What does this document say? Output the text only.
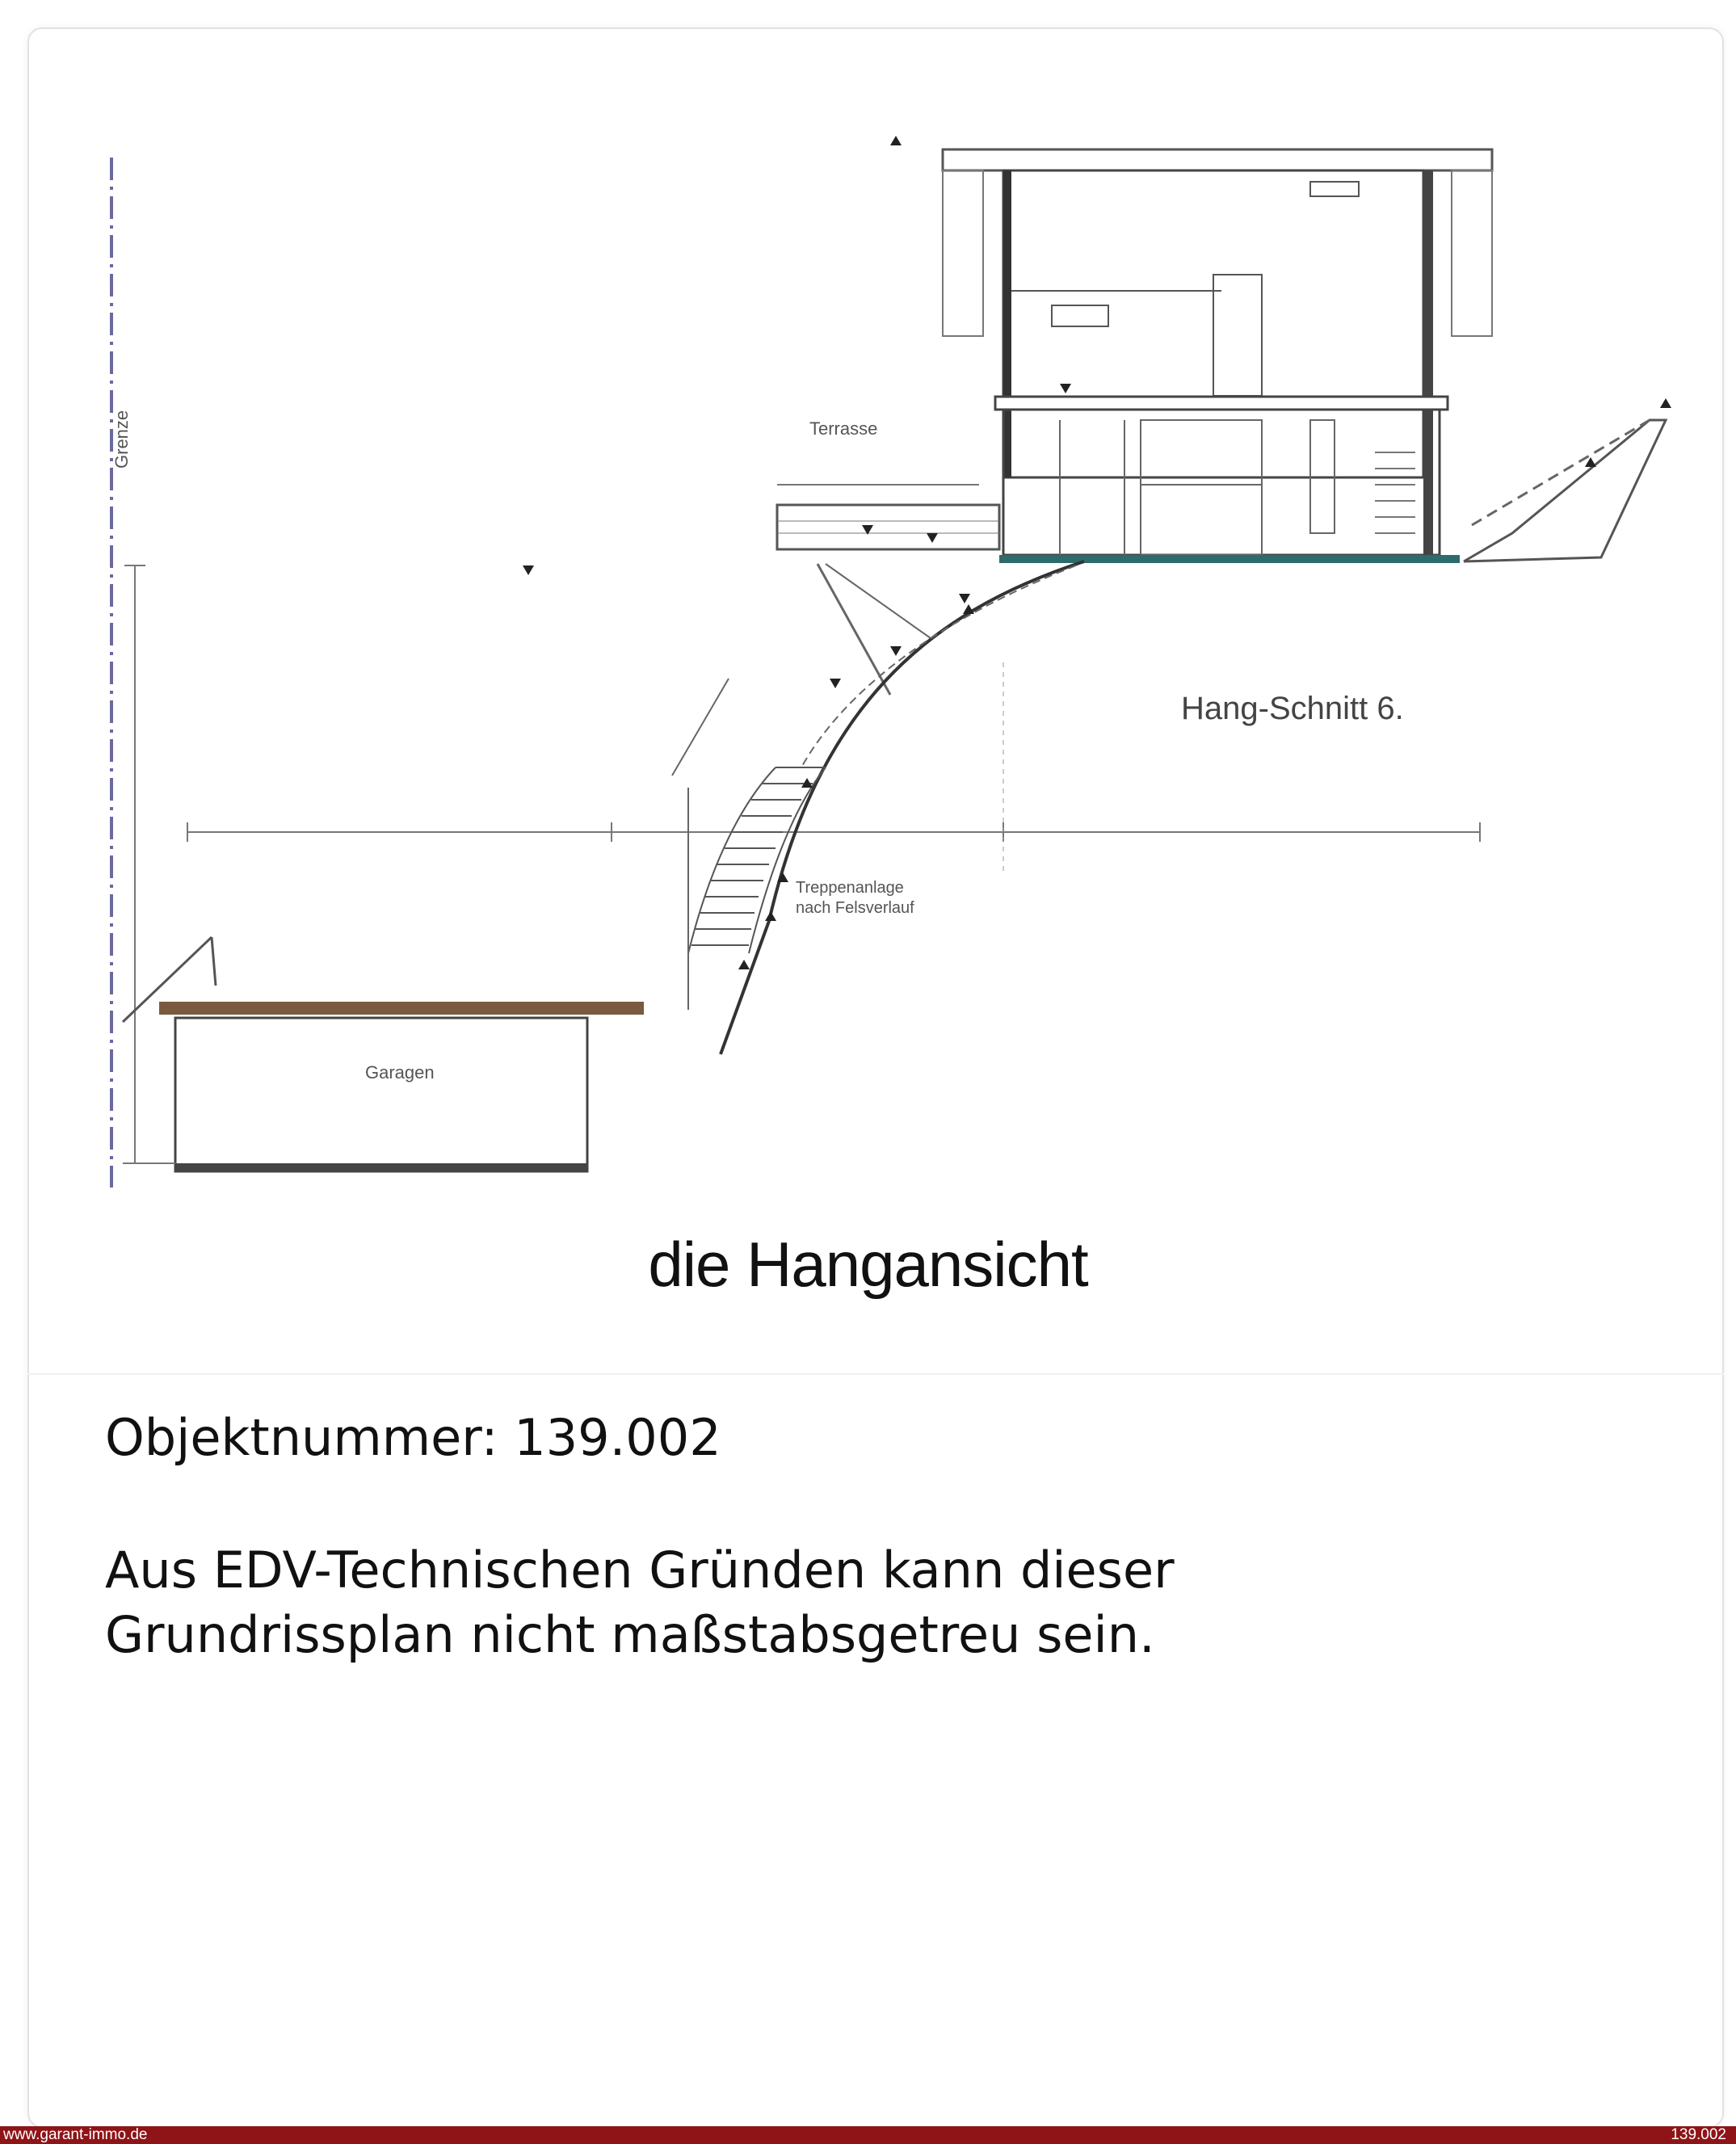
Grenze	Terrasse
Garagen
Hang-Schnitt 6.
Treppenanlage
nach Felsverlauf
die Hangansicht
Objektnummer: 139.002
Aus EDV-Technischen Gründen kann dieser
Grundrissplan nicht maßstabsgetreu sein.
www.garant-immo.de	139.002
